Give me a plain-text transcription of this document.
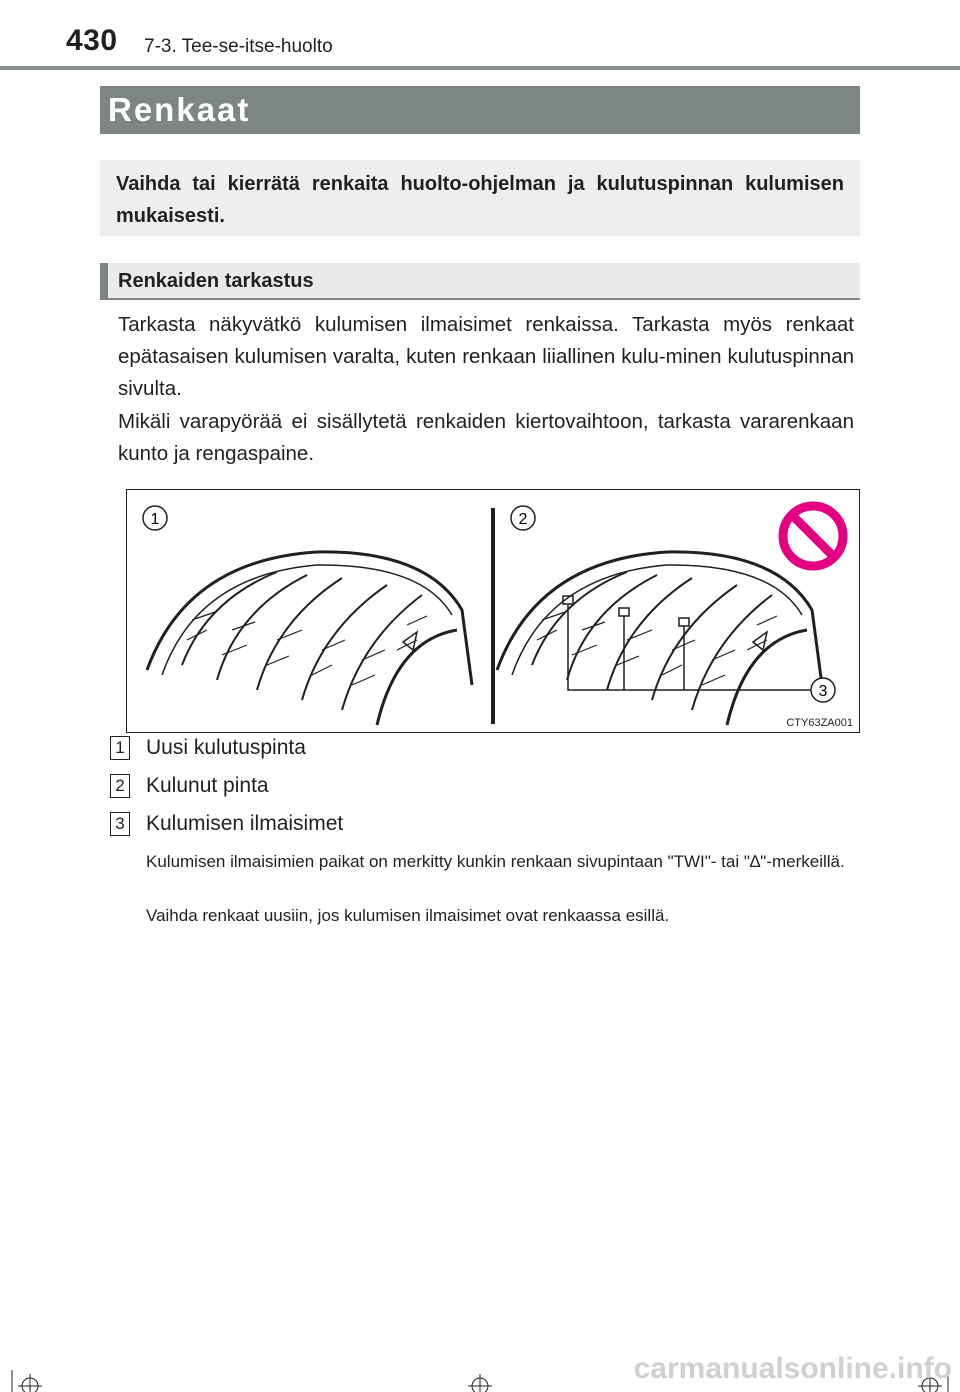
430 7-3. Tee-se-itse-huolto
Renkaat
Vaihda tai kierrätä renkaita huolto-ohjelman ja kulutuspinnan kulumisen mukaisesti.
Renkaiden tarkastus
Tarkasta näkyvätkö kulumisen ilmaisimet renkaissa. Tarkasta myös renkaat epätasaisen kulumisen varalta, kuten renkaan liiallinen kulu-minen kulutuspinnan sivulta.
Mikäli varapyörää ei sisällytetä renkaiden kiertovaihtoon, tarkasta vararenkaan kunto ja rengaspaine.
1	2
3
CTY63ZA001
1 Uusi kulutuspinta
2 Kulunut pinta
3 Kulumisen ilmaisimet
Kulumisen ilmaisimien paikat on merkitty kunkin renkaan sivupintaan "TWI"- tai "∆"-merkeillä.
Vaihda renkaat uusiin, jos kulumisen ilmaisimet ovat renkaassa esillä.
carmanualsonline.info
